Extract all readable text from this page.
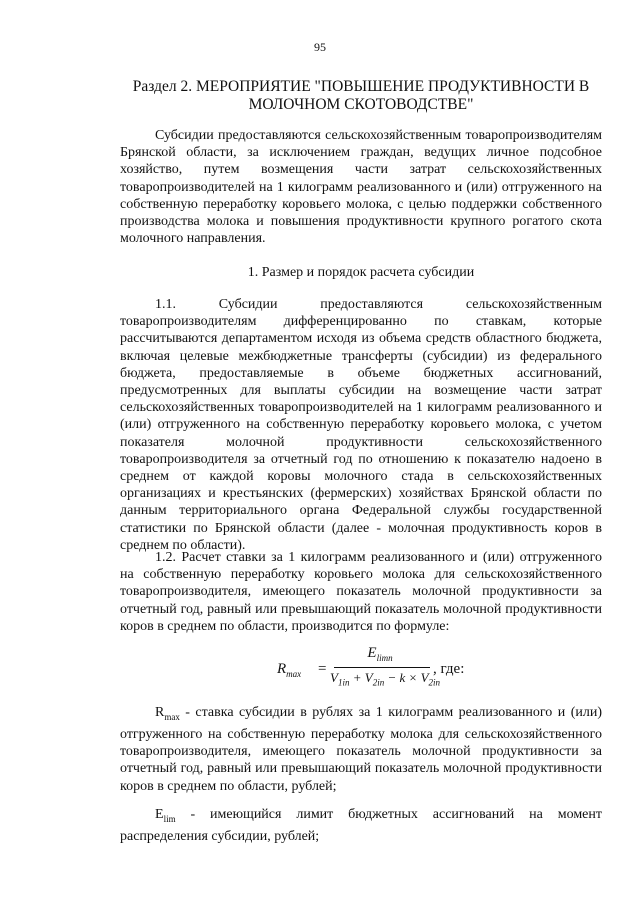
95
Раздел 2. МЕРОПРИЯТИЕ "ПОВЫШЕНИЕ ПРОДУКТИВНОСТИ В
МОЛОЧНОМ СКОТОВОДСТВЕ"

Субсидии предоставляются сельскохозяйственным товаропроизводителям Брянской области, за исключением граждан, ведущих личное подсобное хозяйство, путем возмещения части затрат сельскохозяйственных товаропроизводителей на 1 килограмм реализованного и (или) отгруженного на собственную переработку коровьего молока, с целью поддержки собственного производства молока и повышения продуктивности крупного рогатого скота молочного направления.

1. Размер и порядок расчета субсидии

1.1. Субсидии предоставляются сельскохозяйственным товаропроизводителям дифференцированно по ставкам, которые рассчитываются департаментом исходя из объема средств областного бюджета, включая целевые межбюджетные трансферты (субсидии) из федерального бюджета, предоставляемые в объеме бюджетных ассигнований, предусмотренных для выплаты субсидии на возмещение части затрат сельскохозяйственных товаропроизводителей на 1 килограмм реализованного и (или) отгруженного на собственную переработку коровьего молока, с учетом показателя молочной продуктивности сельскохозяйственного товаропроизводителя за отчетный год по отношению к показателю надоено в среднем от каждой коровы молочного стада в сельскохозяйственных организациях и крестьянских (фермерских) хозяйствах Брянской области по данным территориального органа Федеральной службы государственной статистики по Брянской области (далее - молочная продуктивность коров в среднем по области).

1.2. Расчет ставки за 1 килограмм реализованного и (или) отгруженного на собственную переработку коровьего молока для сельскохозяйственного товаропроизводителя, имеющего показатель молочной продуктивности за отчетный год, равный или превышающий показатель молочной продуктивности коров в среднем по области, производится по формуле:

$R_{max}$ =
$E_{limn}$
$V_{1in} + V_{2in} - k \times V_{2in}$
, где:

$R_{max}$ - ставка субсидии в рублях за 1 килограмм реализованного и (или) отгруженного на собственную переработку молока для сельскохозяйственного товаропроизводителя, имеющего показатель молочной продуктивности за отчетный год, равный или превышающий показатель молочной продуктивности коров в среднем по области, рублей;

$E_{lim}$ - имеющийся лимит бюджетных ассигнований на момент распределения субсидии, рублей;
